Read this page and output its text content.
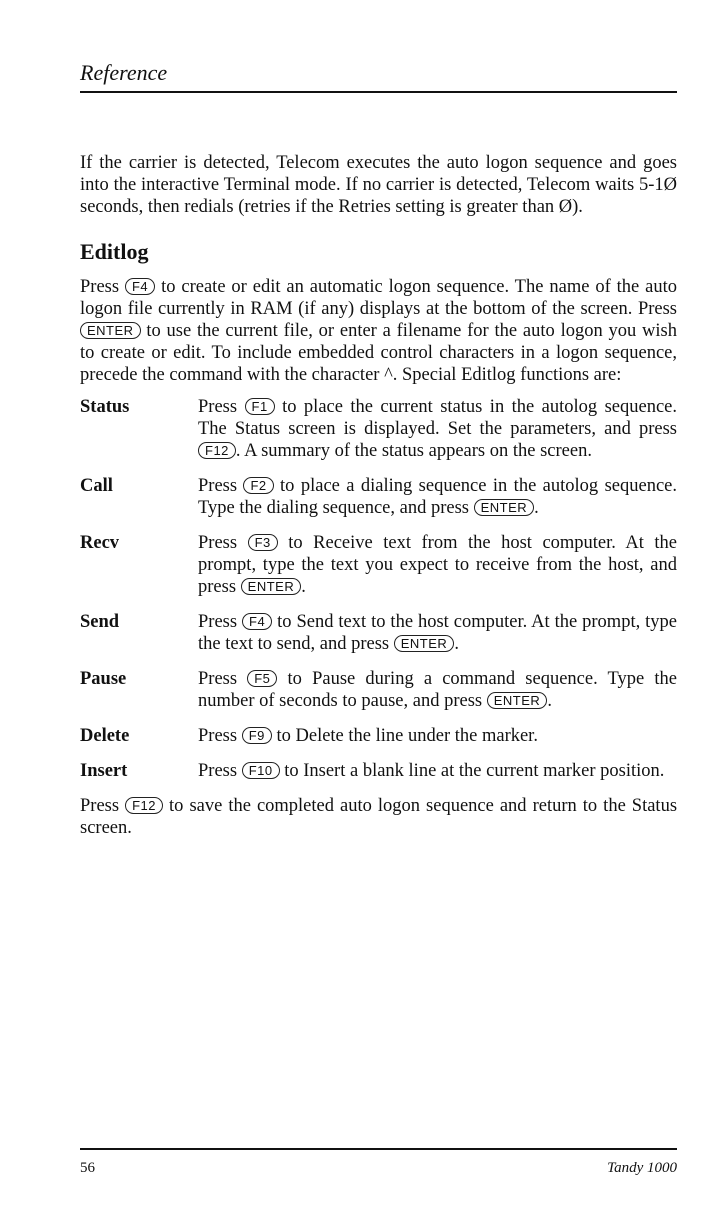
Reference

If the carrier is detected, Telecom executes the auto logon sequence and goes into the interactive Terminal mode. If no carrier is detected, Telecom waits 5-1Ø seconds, then redials (retries if the Retries setting is greater than Ø).

Editlog

Press F4 to create or edit an automatic logon sequence. The name of the auto logon file currently in RAM (if any) displays at the bottom of the screen. Press ENTER to use the current file, or enter a filename for the auto logon you wish to create or edit. To include embedded control characters in a logon sequence, precede the command with the character ^. Special Editlog functions are:

Status	Press F1 to place the current status in the autolog sequence. The Status screen is displayed. Set the parameters, and press F12 . A summary of the status appears on the screen.
Call	Press F2 to place a dialing sequence in the autolog sequence. Type the dialing sequence, and press ENTER .
Recv	Press F3 to Receive text from the host computer. At the prompt, type the text you expect to receive from the host, and press ENTER .
Send	Press F4 to Send text to the host computer. At the prompt, type the text to send, and press ENTER .
Pause	Press F5 to Pause during a command sequence. Type the number of seconds to pause, and press ENTER .
Delete	Press F9 to Delete the line under the marker.
Insert	Press F10 to Insert a blank line at the current marker position.

Press F12 to save the completed auto logon sequence and return to the Status screen.

56	Tandy 1000
